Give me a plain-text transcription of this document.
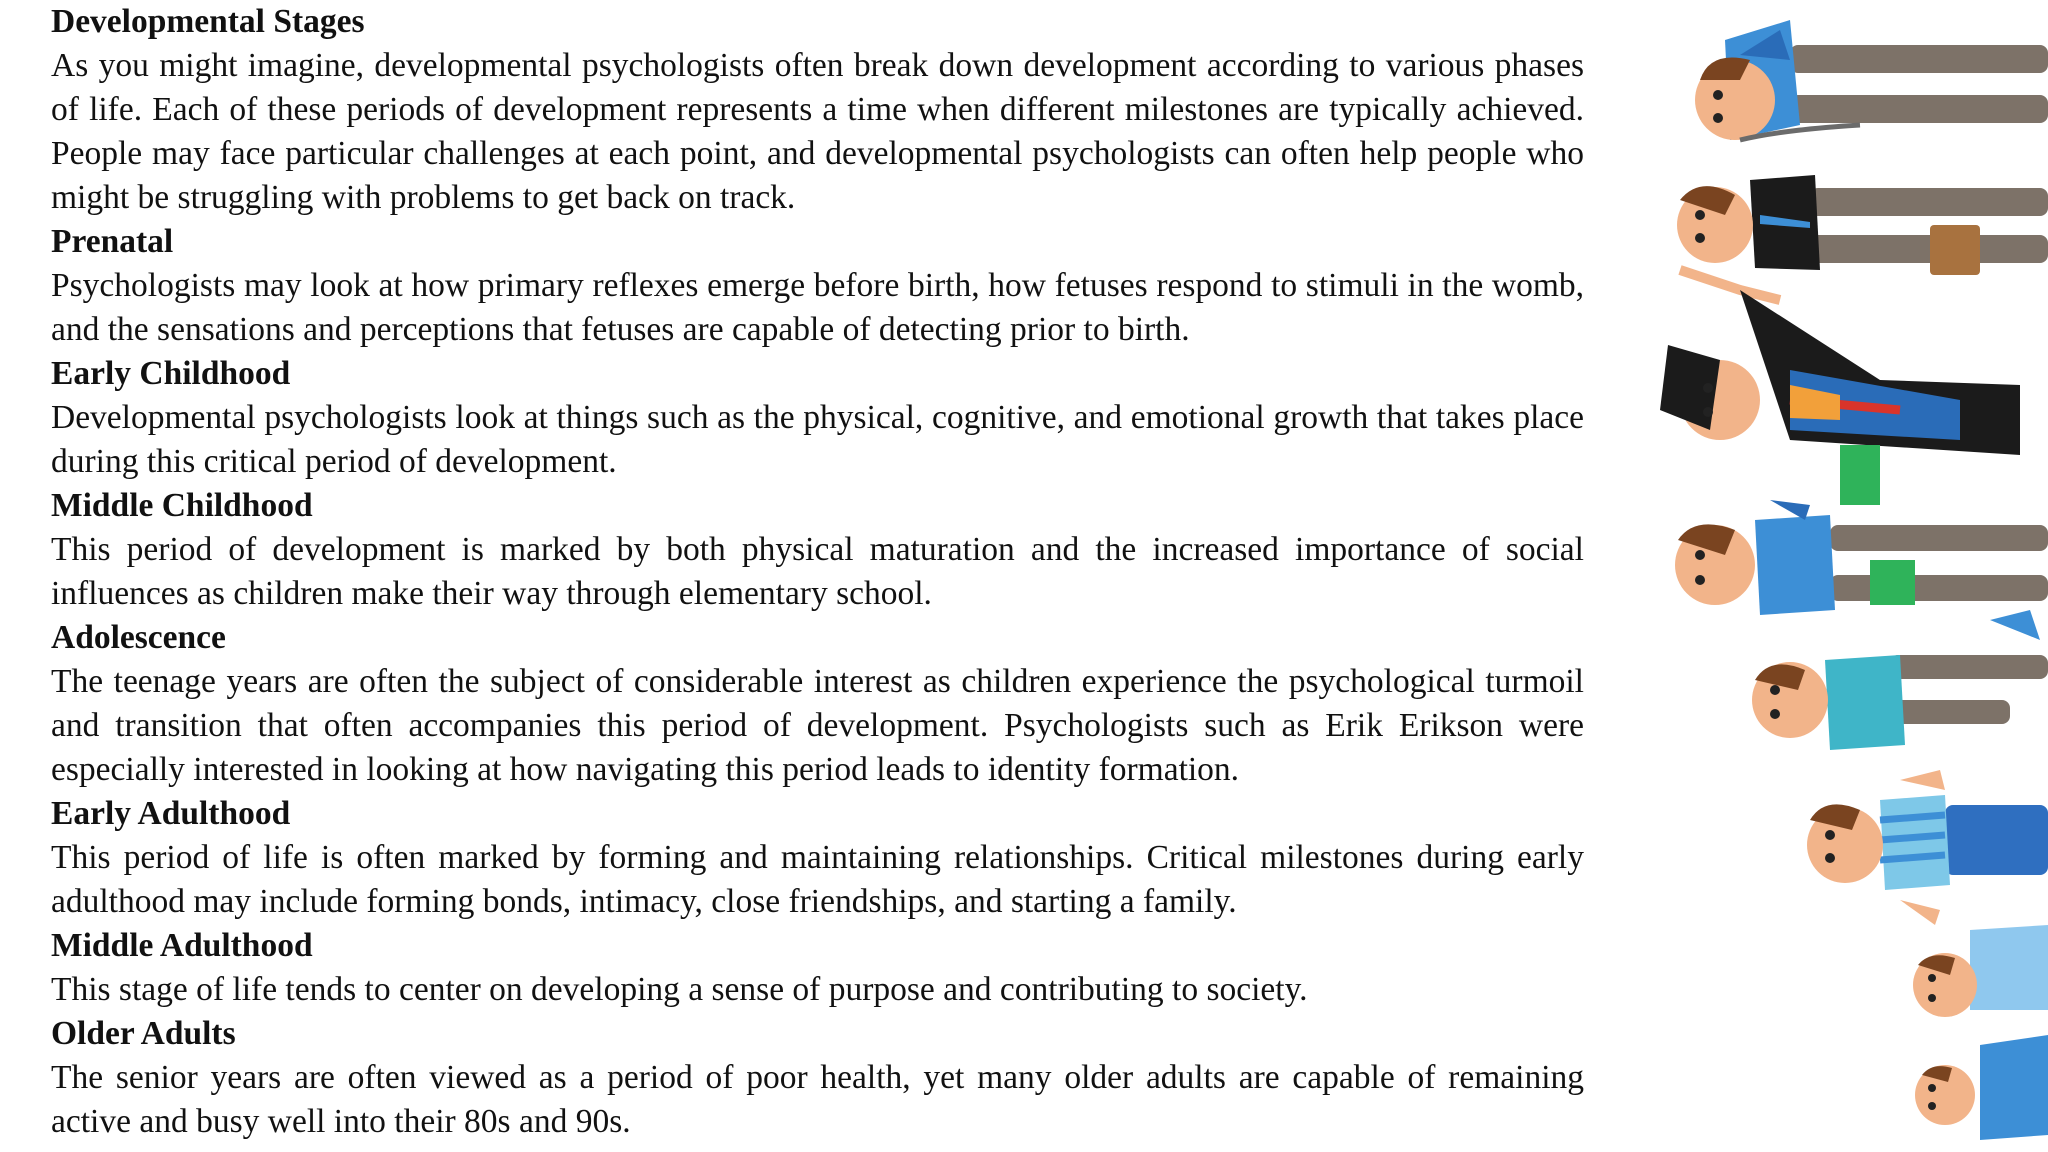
Developmental Stages

As you might imagine, developmental psychologists often break down development according to various phases of life. Each of these periods of development represents a time when different milestones are typically achieved. People may face particular challenges at each point, and developmental psychologists can often help people who might be struggling with problems to get back on track.

Prenatal

Psychologists may look at how primary reflexes emerge before birth, how fetuses respond to stimuli in the womb, and the sensations and perceptions that fetuses are capable of detecting prior to birth.

Early Childhood

Developmental psychologists look at things such as the physical, cognitive, and emotional growth that takes place during this critical period of development.

Middle Childhood

This period of development is marked by both physical maturation and the increased importance of social influences as children make their way through elementary school.

Adolescence

The teenage years are often the subject of considerable interest as children experience the psychological turmoil and transition that often accompanies this period of development. Psychologists such as Erik Erikson were especially interested in looking at how navigating this period leads to identity formation.

Early Adulthood

This period of life is often marked by forming and maintaining relationships. Critical milestones during early adulthood may include forming bonds, intimacy, close friendships, and starting a family.

Middle Adulthood

This stage of life tends to center on developing a sense of purpose and contributing to society.

Older Adults

The senior years are often viewed as a period of poor health, yet many older adults are capable of remaining active and busy well into their 80s and 90s.
